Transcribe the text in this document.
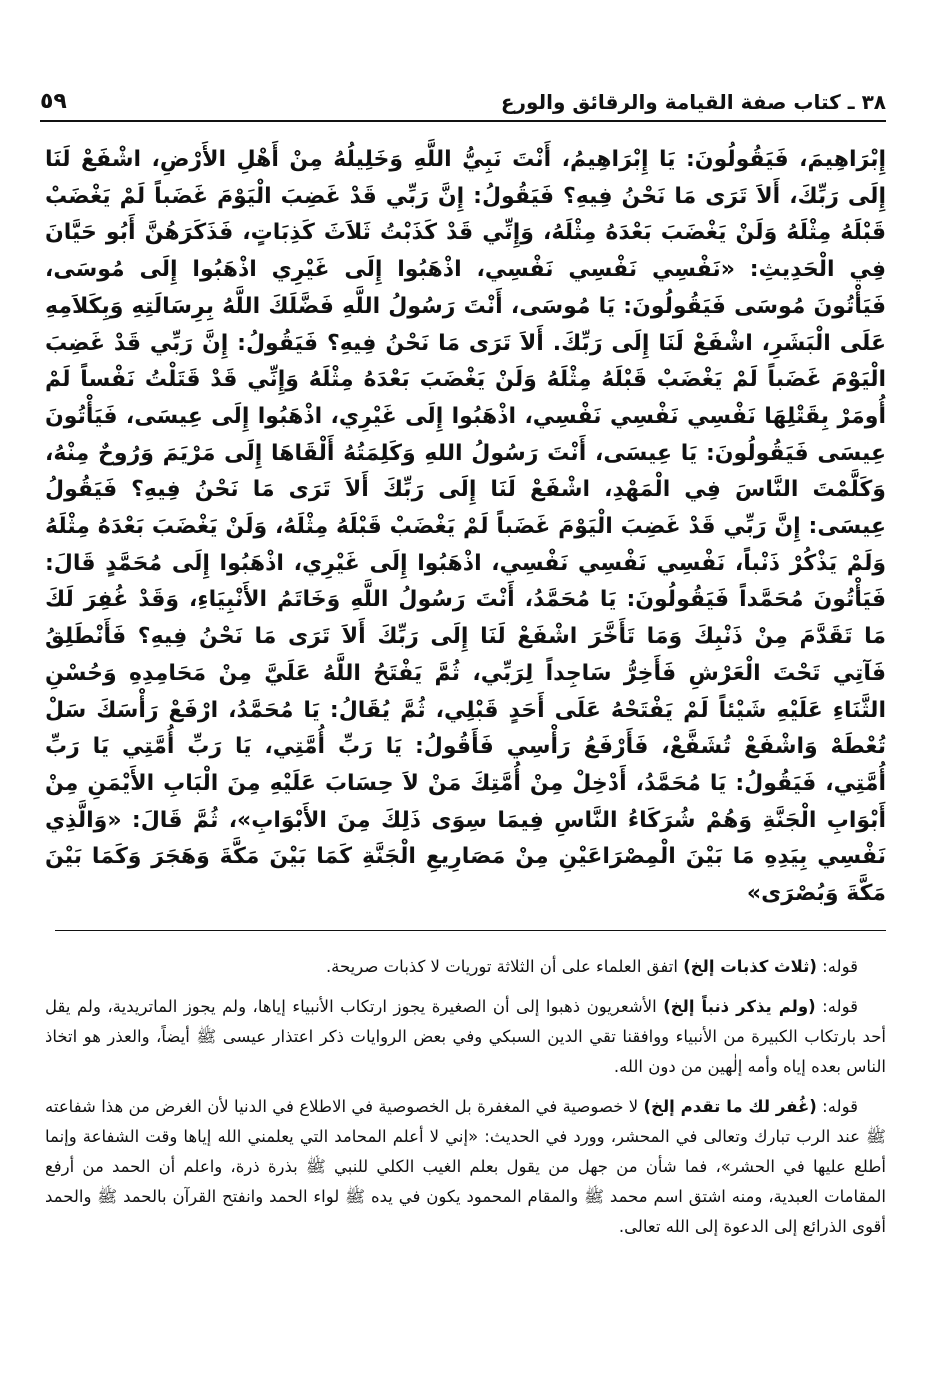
٣٨ ـ كتاب صفة القيامة والرقائق والورع
٥٩
إِبْرَاهِيمَ، فَيَقُولُونَ: يَا إِبْرَاهِيمُ، أَنْتَ نَبِيُّ اللَّهِ وَخَلِيلُهُ مِنْ أَهْلِ الأَرْضِ، اشْفَعْ لَنَا إِلَى رَبِّكَ، أَلاَ تَرَى مَا نَحْنُ فِيهِ؟ فَيَقُولُ: إِنَّ رَبِّي قَدْ غَضِبَ الْيَوْمَ غَضَباً لَمْ يَغْضَبْ قَبْلَهُ مِثْلَهُ وَلَنْ يَغْضَبَ بَعْدَهُ مِثْلَهُ، وَإِنِّي قَدْ كَذَبْتُ ثَلاَثَ كَذِبَاتٍ، فَذَكَرَهُنَّ أَبُو حَيَّانَ فِي الْحَدِيثِ: «نَفْسِي نَفْسِي نَفْسِي، اذْهَبُوا إِلَى غَيْرِي اذْهَبُوا إِلَى مُوسَى، فَيَأْتُونَ مُوسَى فَيَقُولُونَ: يَا مُوسَى، أَنْتَ رَسُولُ اللَّهِ فَضَّلَكَ اللَّهُ بِرِسَالَتِهِ وَبِكَلاَمِهِ عَلَى الْبَشَرِ، اشْفَعْ لَنَا إِلَى رَبِّكَ. أَلاَ تَرَى مَا نَحْنُ فِيهِ؟ فَيَقُولُ: إِنَّ رَبِّي قَدْ غَضِبَ الْيَوْمَ غَضَباً لَمْ يَغْضَبْ قَبْلَهُ مِثْلَهُ وَلَنْ يَغْضَبَ بَعْدَهُ مِثْلَهُ وَإِنِّي قَدْ قَتَلْتُ نَفْساً لَمْ أُومَرْ بِقَتْلِهَا نَفْسِي نَفْسِي نَفْسِي، اذْهَبُوا إِلَى غَيْرِي، اذْهَبُوا إِلَى عِيسَى، فَيَأْتُونَ عِيسَى فَيَقُولُونَ: يَا عِيسَى، أَنْتَ رَسُولُ اللهِ وَكَلِمَتُهُ أَلْقَاهَا إِلَى مَرْيَمَ وَرُوحٌ مِنْهُ، وَكَلَّمْتَ النَّاسَ فِي الْمَهْدِ، اشْفَعْ لَنَا إِلَى رَبِّكَ أَلاَ تَرَى مَا نَحْنُ فِيهِ؟ فَيَقُولُ عِيسَى: إِنَّ رَبِّي قَدْ غَضِبَ الْيَوْمَ غَضَباً لَمْ يَغْضَبْ قَبْلَهُ مِثْلَهُ، وَلَنْ يَغْضَبَ بَعْدَهُ مِثْلَهُ وَلَمْ يَذْكُرْ ذَنْباً، نَفْسِي نَفْسِي نَفْسِي، اذْهَبُوا إِلَى غَيْرِي، اذْهَبُوا إِلَى مُحَمَّدٍ قَالَ: فَيَأْتُونَ مُحَمَّداً فَيَقُولُونَ: يَا مُحَمَّدُ، أَنْتَ رَسُولُ اللَّهِ وَخَاتَمُ الأَنْبِيَاءِ، وَقَدْ غُفِرَ لَكَ مَا تَقَدَّمَ مِنْ ذَنْبِكَ وَمَا تَأَخَّرَ اشْفَعْ لَنَا إِلَى رَبِّكَ أَلاَ تَرَى مَا نَحْنُ فِيهِ؟ فَأَنْطَلِقُ فَآتِي تَحْتَ الْعَرْشِ فَأَخِرُّ سَاجِداً لِرَبِّي، ثُمَّ يَفْتَحُ اللَّهُ عَلَيَّ مِنْ مَحَامِدِهِ وَحُسْنِ الثَّنَاءِ عَلَيْهِ شَيْئاً لَمْ يَفْتَحْهُ عَلَى أَحَدٍ قَبْلِي، ثُمَّ يُقَالُ: يَا مُحَمَّدُ، ارْفَعْ رَأْسَكَ سَلْ تُعْطَهْ وَاشْفَعْ تُشَفَّعْ، فَأَرْفَعُ رَأْسِي فَأَقُولُ: يَا رَبِّ أُمَّتِي، يَا رَبِّ أُمَّتِي يَا رَبِّ أُمَّتِي، فَيَقُولُ: يَا مُحَمَّدُ، أَدْخِلْ مِنْ أُمَّتِكَ مَنْ لاَ حِسَابَ عَلَيْهِ مِنَ الْبَابِ الأَيْمَنِ مِنْ أَبْوَابِ الْجَنَّةِ وَهُمْ شُرَكَاءُ النَّاسِ فِيمَا سِوَى ذَلِكَ مِنَ الأَبْوَابِ»، ثُمَّ قَالَ: «وَالَّذِي نَفْسِي بِيَدِهِ مَا بَيْنَ الْمِصْرَاعَيْنِ مِنْ مَصَارِيعِ الْجَنَّةِ كَمَا بَيْنَ مَكَّةَ وَهَجَرَ وَكَمَا بَيْنَ مَكَّةَ وَبُصْرَى»

قوله: (ثلاث كذبات إلخ) اتفق العلماء على أن الثلاثة توريات لا كذبات صريحة.

قوله: (ولم يذكر ذنباً إلخ) الأشعريون ذهبوا إلى أن الصغيرة يجوز ارتكاب الأنبياء إياها، ولم يجوز الماتريدية، ولم يقل أحد بارتكاب الكبيرة من الأنبياء ووافقنا تقي الدين السبكي وفي بعض الروايات ذكر اعتذار عيسى ﷺ أيضاً، والعذر هو اتخاذ الناس بعده إياه وأمه إلٰهين من دون الله.

قوله: (غُفر لك ما تقدم إلخ) لا خصوصية في المغفرة بل الخصوصية في الاطلاع في الدنيا لأن الغرض من هذا شفاعته ﷺ عند الرب تبارك وتعالى في المحشر، وورد في الحديث: «إني لا أعلم المحامد التي يعلمني الله إياها وقت الشفاعة وإنما أطلع عليها في الحشر»، فما شأن من جهل من يقول بعلم الغيب الكلي للنبي ﷺ بذرة ذرة، واعلم أن الحمد من أرفع المقامات العبدية، ومنه اشتق اسم محمد ﷺ والمقام المحمود يكون في يده ﷺ لواء الحمد وانفتح القرآن بالحمد ﷺ والحمد أقوى الذرائع إلى الدعوة إلى الله تعالى.
